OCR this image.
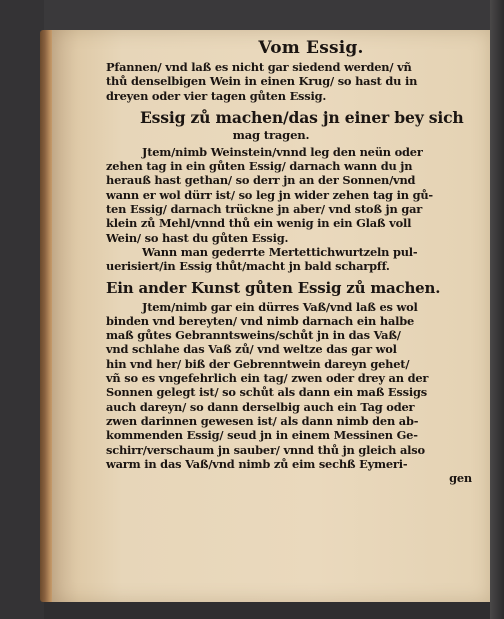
Vom Essig.
Pfannen/ vnd laß es nicht gar siedend werden/ vñ
thů denselbigen Wein in einen Krug/ so hast du in
dreyen oder vier tagen gůten Essig.
Essig zů machen/das jn einer bey sich
mag tragen.
Jtem/nimb Weinstein/vnnd leg den neün oder
zehen tag in ein gůten Essig/ darnach wann du jn
herauß hast gethan/ so derr jn an der Sonnen/vnd
wann er wol dürr ist/ so leg jn wider zehen tag in gů-
ten Essig/ darnach trückne jn aber/ vnd stoß jn gar
klein zů Mehl/vnnd thů ein wenig in ein Glaß voll
Wein/ so hast du gůten Essig.
Wann man gederrte Mertettichwurtzeln pul-
uerisiert/in Essig thůt/macht jn bald scharpff.
Ein ander Kunst gůten Essig zů machen.
Jtem/nimb gar ein dürres Vaß/vnd laß es wol
binden vnd bereyten/ vnd nimb darnach ein halbe
maß gůtes Gebranntsweins/schůt jn in das Vaß/
vnd schlahe das Vaß zů/ vnd weltze das gar wol
hin vnd her/ biß der Gebrenntwein dareyn gehet/
vñ so es vngefehrlich ein tag/ zwen oder drey an der
Sonnen gelegt ist/ so schůt als dann ein maß Essigs
auch dareyn/ so dann derselbig auch ein Tag oder
zwen darinnen gewesen ist/ als dann nimb den ab-
kommenden Essig/ seud jn in einem Messinen Ge-
schirr/verschaum jn sauber/ vnnd thů jn gleich also
warm in das Vaß/vnd nimb zů eim sechß Eymeri-
gen
